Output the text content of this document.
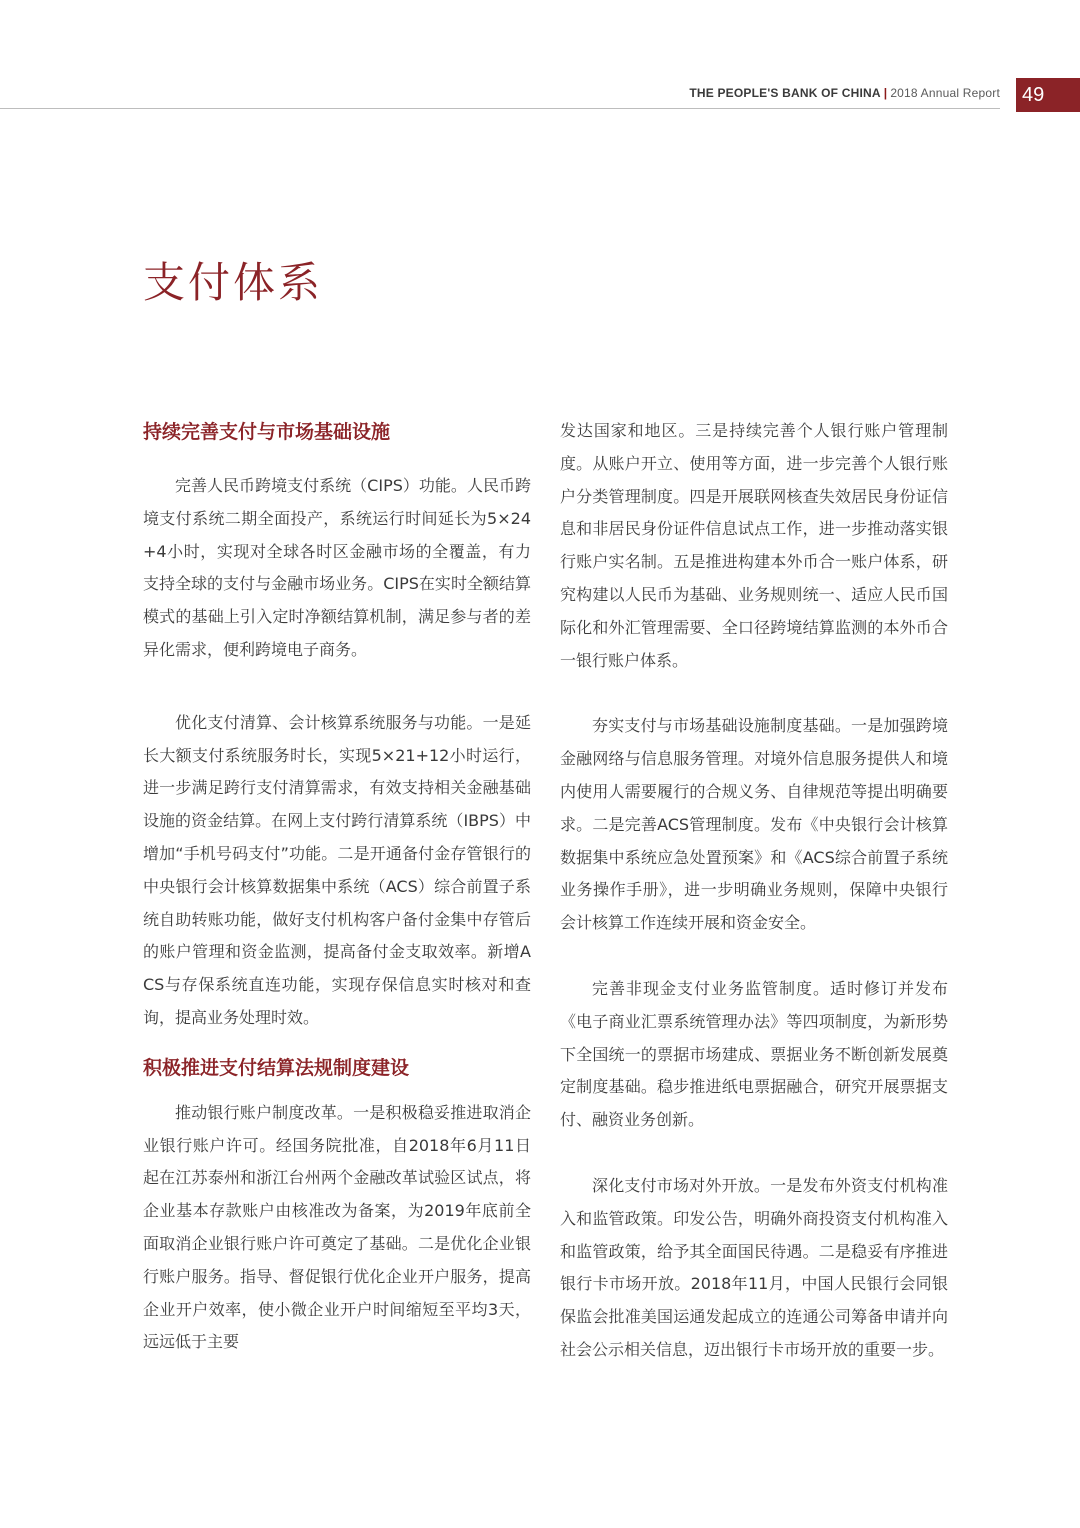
THE PEOPLE'S BANK OF CHINA | 2018 Annual Report	49
支付体系
持续完善支付与市场基础设施

完善人民币跨境支付系统（CIPS）功能。人民币跨境支付系统二期全面投产，系统运行时间延长为5×24+4小时，实现对全球各时区金融市场的全覆盖，有力支持全球的支付与金融市场业务。CIPS在实时全额结算模式的基础上引入定时净额结算机制，满足参与者的差异化需求，便利跨境电子商务。

优化支付清算、会计核算系统服务与功能。一是延长大额支付系统服务时长，实现5×21+12小时运行，进一步满足跨行支付清算需求，有效支持相关金融基础设施的资金结算。在网上支付跨行清算系统（IBPS）中增加“手机号码支付”功能。二是开通备付金存管银行的中央银行会计核算数据集中系统（ACS）综合前置子系统自助转账功能，做好支付机构客户备付金集中存管后的账户管理和资金监测，提高备付金支取效率。新增ACS与存保系统直连功能，实现存保信息实时核对和查询，提高业务处理时效。

积极推进支付结算法规制度建设

推动银行账户制度改革。一是积极稳妥推进取消企业银行账户许可。经国务院批准，自2018年6月11日起在江苏泰州和浙江台州两个金融改革试验区试点，将企业基本存款账户由核准改为备案，为2019年底前全面取消企业银行账户许可奠定了基础。二是优化企业银行账户服务。指导、督促银行优化企业开户服务，提高企业开户效率，使小微企业开户时间缩短至平均3天，远远低于主要

发达国家和地区。三是持续完善个人银行账户管理制度。从账户开立、使用等方面，进一步完善个人银行账户分类管理制度。四是开展联网核查失效居民身份证信息和非居民身份证件信息试点工作，进一步推动落实银行账户实名制。五是推进构建本外币合一账户体系，研究构建以人民币为基础、业务规则统一、适应人民币国际化和外汇管理需要、全口径跨境结算监测的本外币合一银行账户体系。

夯实支付与市场基础设施制度基础。一是加强跨境金融网络与信息服务管理。对境外信息服务提供人和境内使用人需要履行的合规义务、自律规范等提出明确要求。二是完善ACS管理制度。发布《中央银行会计核算数据集中系统应急处置预案》和《ACS综合前置子系统业务操作手册》，进一步明确业务规则，保障中央银行会计核算工作连续开展和资金安全。

完善非现金支付业务监管制度。适时修订并发布《电子商业汇票系统管理办法》等四项制度，为新形势下全国统一的票据市场建成、票据业务不断创新发展奠定制度基础。稳步推进纸电票据融合，研究开展票据支付、融资业务创新。

深化支付市场对外开放。一是发布外资支付机构准入和监管政策。印发公告，明确外商投资支付机构准入和监管政策，给予其全面国民待遇。二是稳妥有序推进银行卡市场开放。2018年11月，中国人民银行会同银保监会批准美国运通发起成立的连通公司筹备申请并向社会公示相关信息，迈出银行卡市场开放的重要一步。
